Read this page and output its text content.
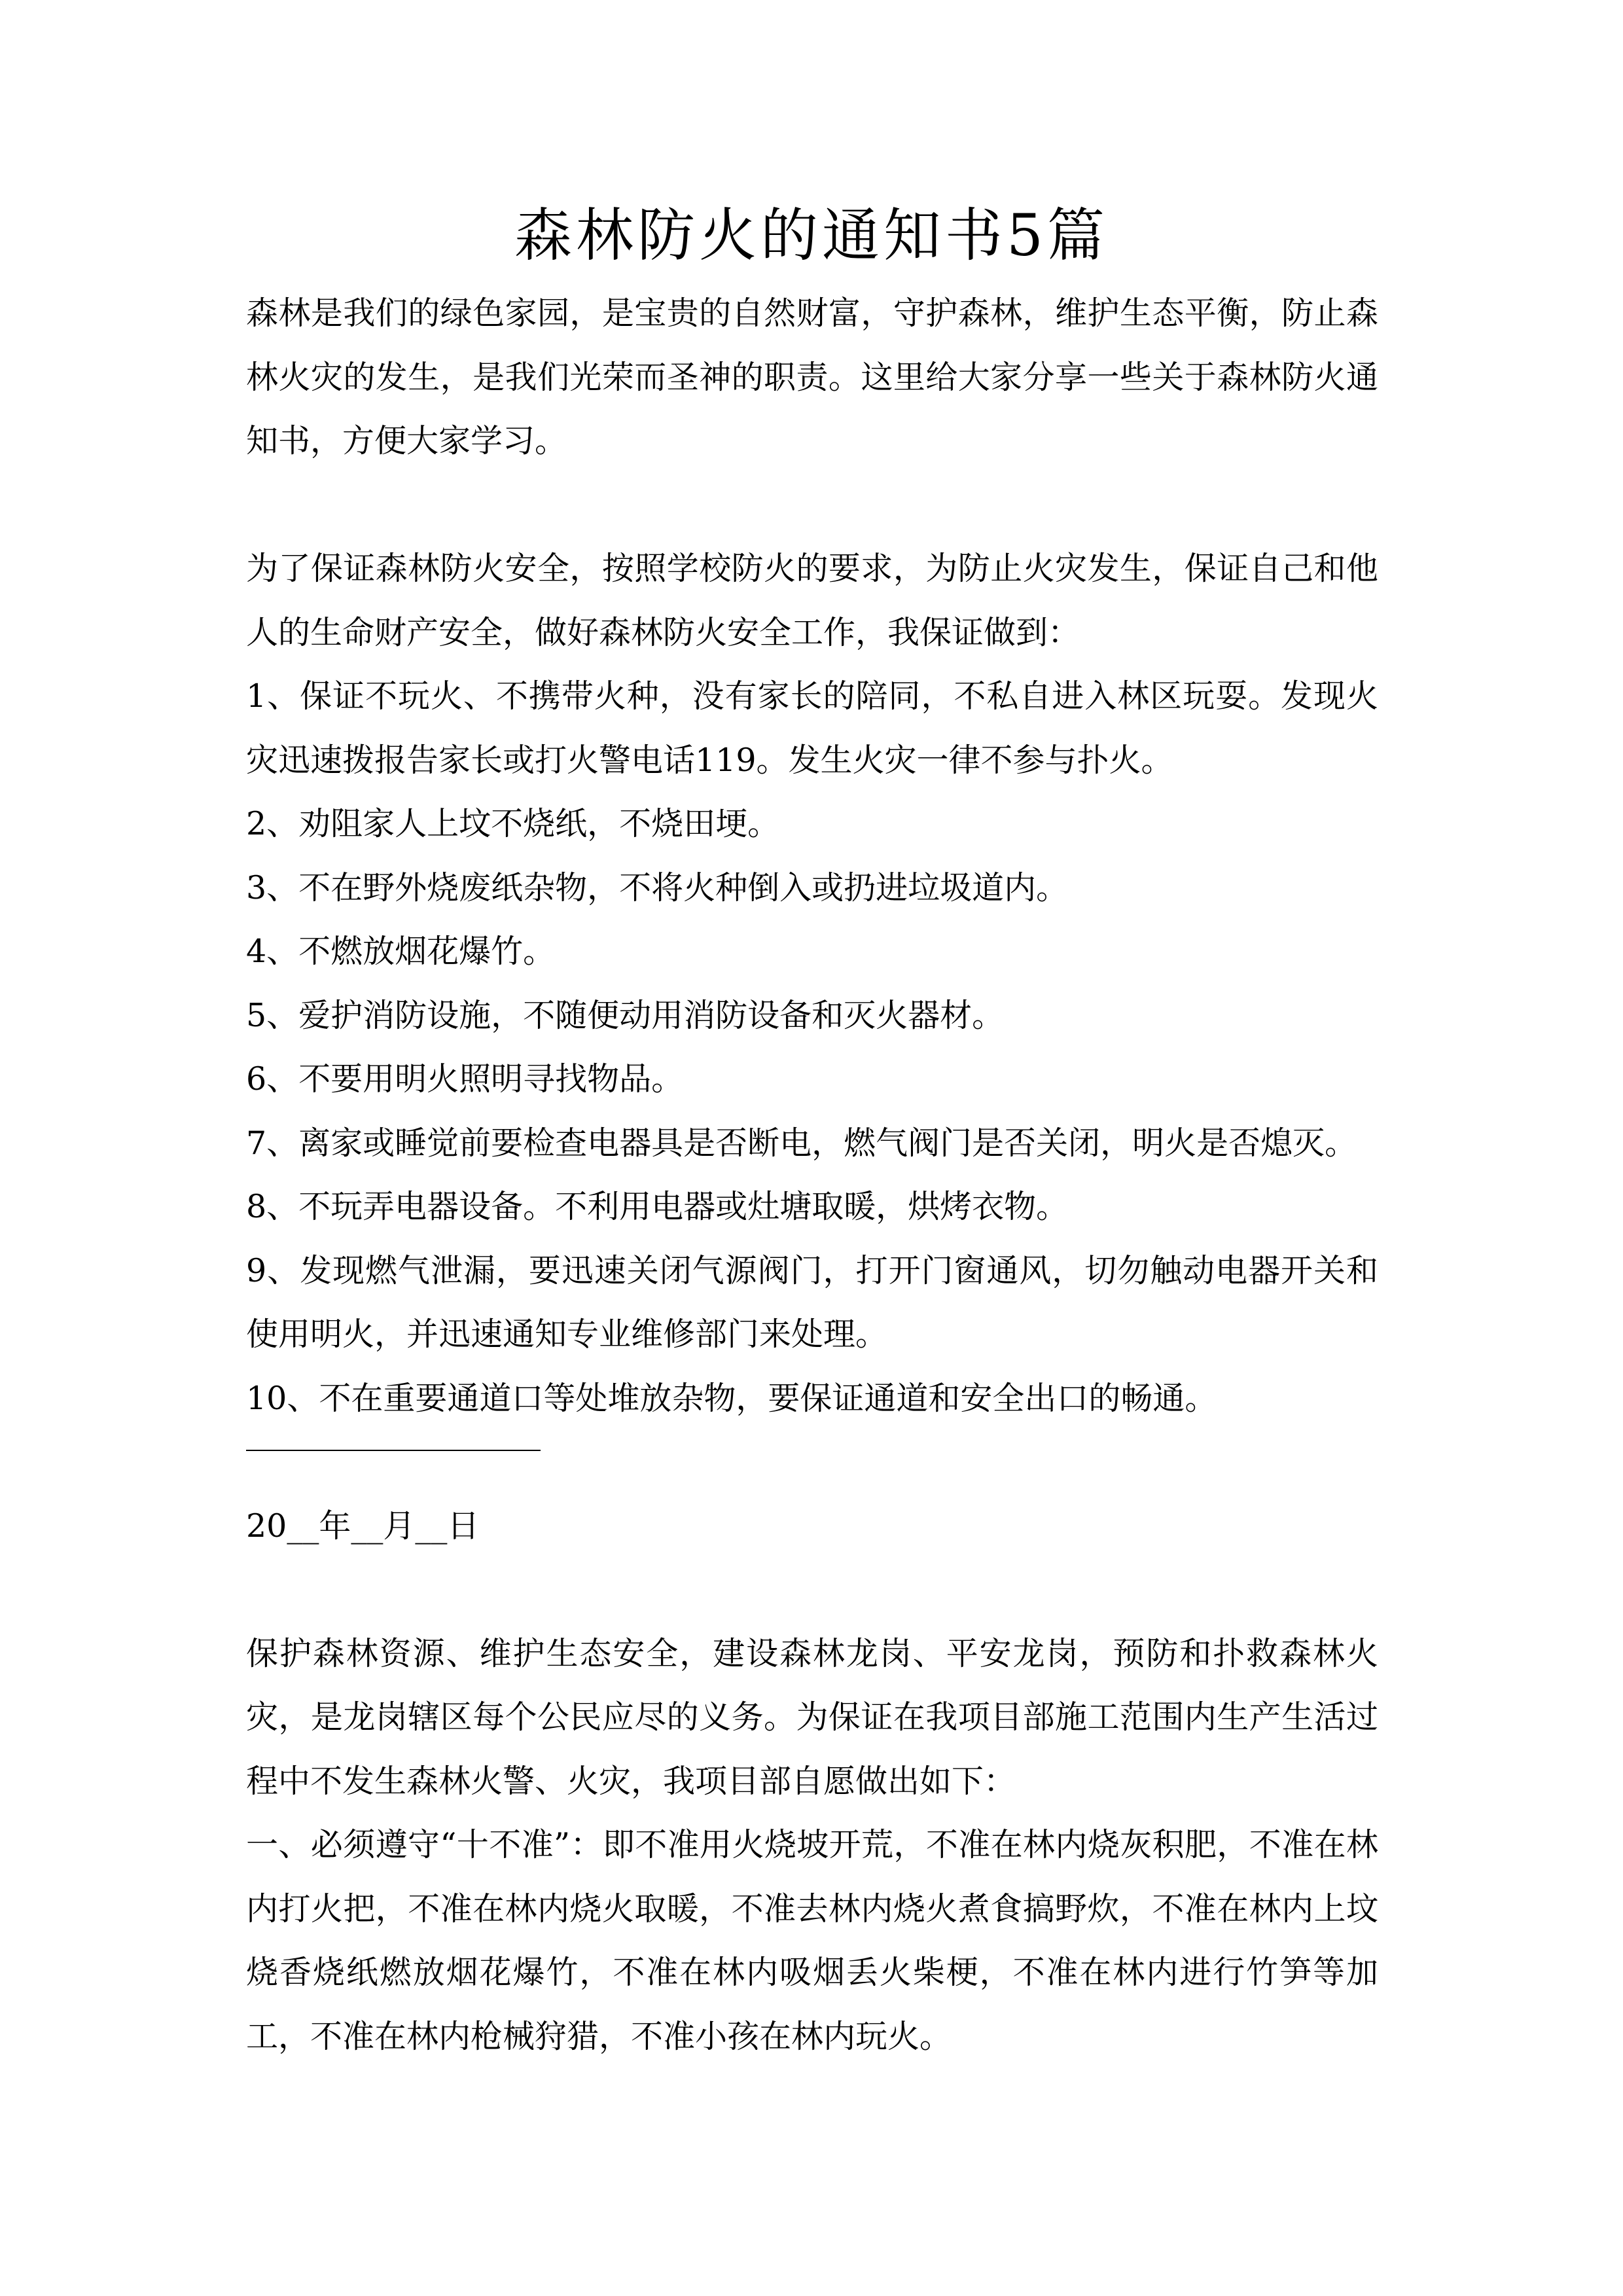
森林防火的通知书5篇

森林是我们的绿色家园，是宝贵的自然财富，守护森林，维护生态平衡，防止森林火灾的发生，是我们光荣而圣神的职责。这里给大家分享一些关于森林防火通知书，方便大家学习。

为了保证森林防火安全，按照学校防火的要求，为防止火灾发生，保证自己和他人的生命财产安全，做好森林防火安全工作，我保证做到：

1、保证不玩火、不携带火种，没有家长的陪同，不私自进入林区玩耍。发现火灾迅速拨报告家长或打火警电话119。发生火灾一律不参与扑火。

2、劝阻家人上坟不烧纸，不烧田埂。

3、不在野外烧废纸杂物，不将火种倒入或扔进垃圾道内。

4、不燃放烟花爆竹。

5、爱护消防设施，不随便动用消防设备和灭火器材。

6、不要用明火照明寻找物品。

7、离家或睡觉前要检查电器具是否断电，燃气阀门是否关闭，明火是否熄灭。

8、不玩弄电器设备。不利用电器或灶塘取暖，烘烤衣物。

9、发现燃气泄漏，要迅速关闭气源阀门，打开门窗通风，切勿触动电器开关和使用明火，并迅速通知专业维修部门来处理。

10、不在重要通道口等处堆放杂物，要保证通道和安全出口的畅通。

20__年__月__日

保护森林资源、维护生态安全，建设森林龙岗、平安龙岗，预防和扑救森林火灾，是龙岗辖区每个公民应尽的义务。为保证在我项目部施工范围内生产生活过程中不发生森林火警、火灾，我项目部自愿做出如下：

一、必须遵守“十不准”：即不准用火烧坡开荒，不准在林内烧灰积肥，不准在林内打火把，不准在林内烧火取暖，不准去林内烧火煮食搞野炊，不准在林内上坟烧香烧纸燃放烟花爆竹，不准在林内吸烟丢火柴梗，不准在林内进行竹笋等加工，不准在林内枪械狩猎，不准小孩在林内玩火。
